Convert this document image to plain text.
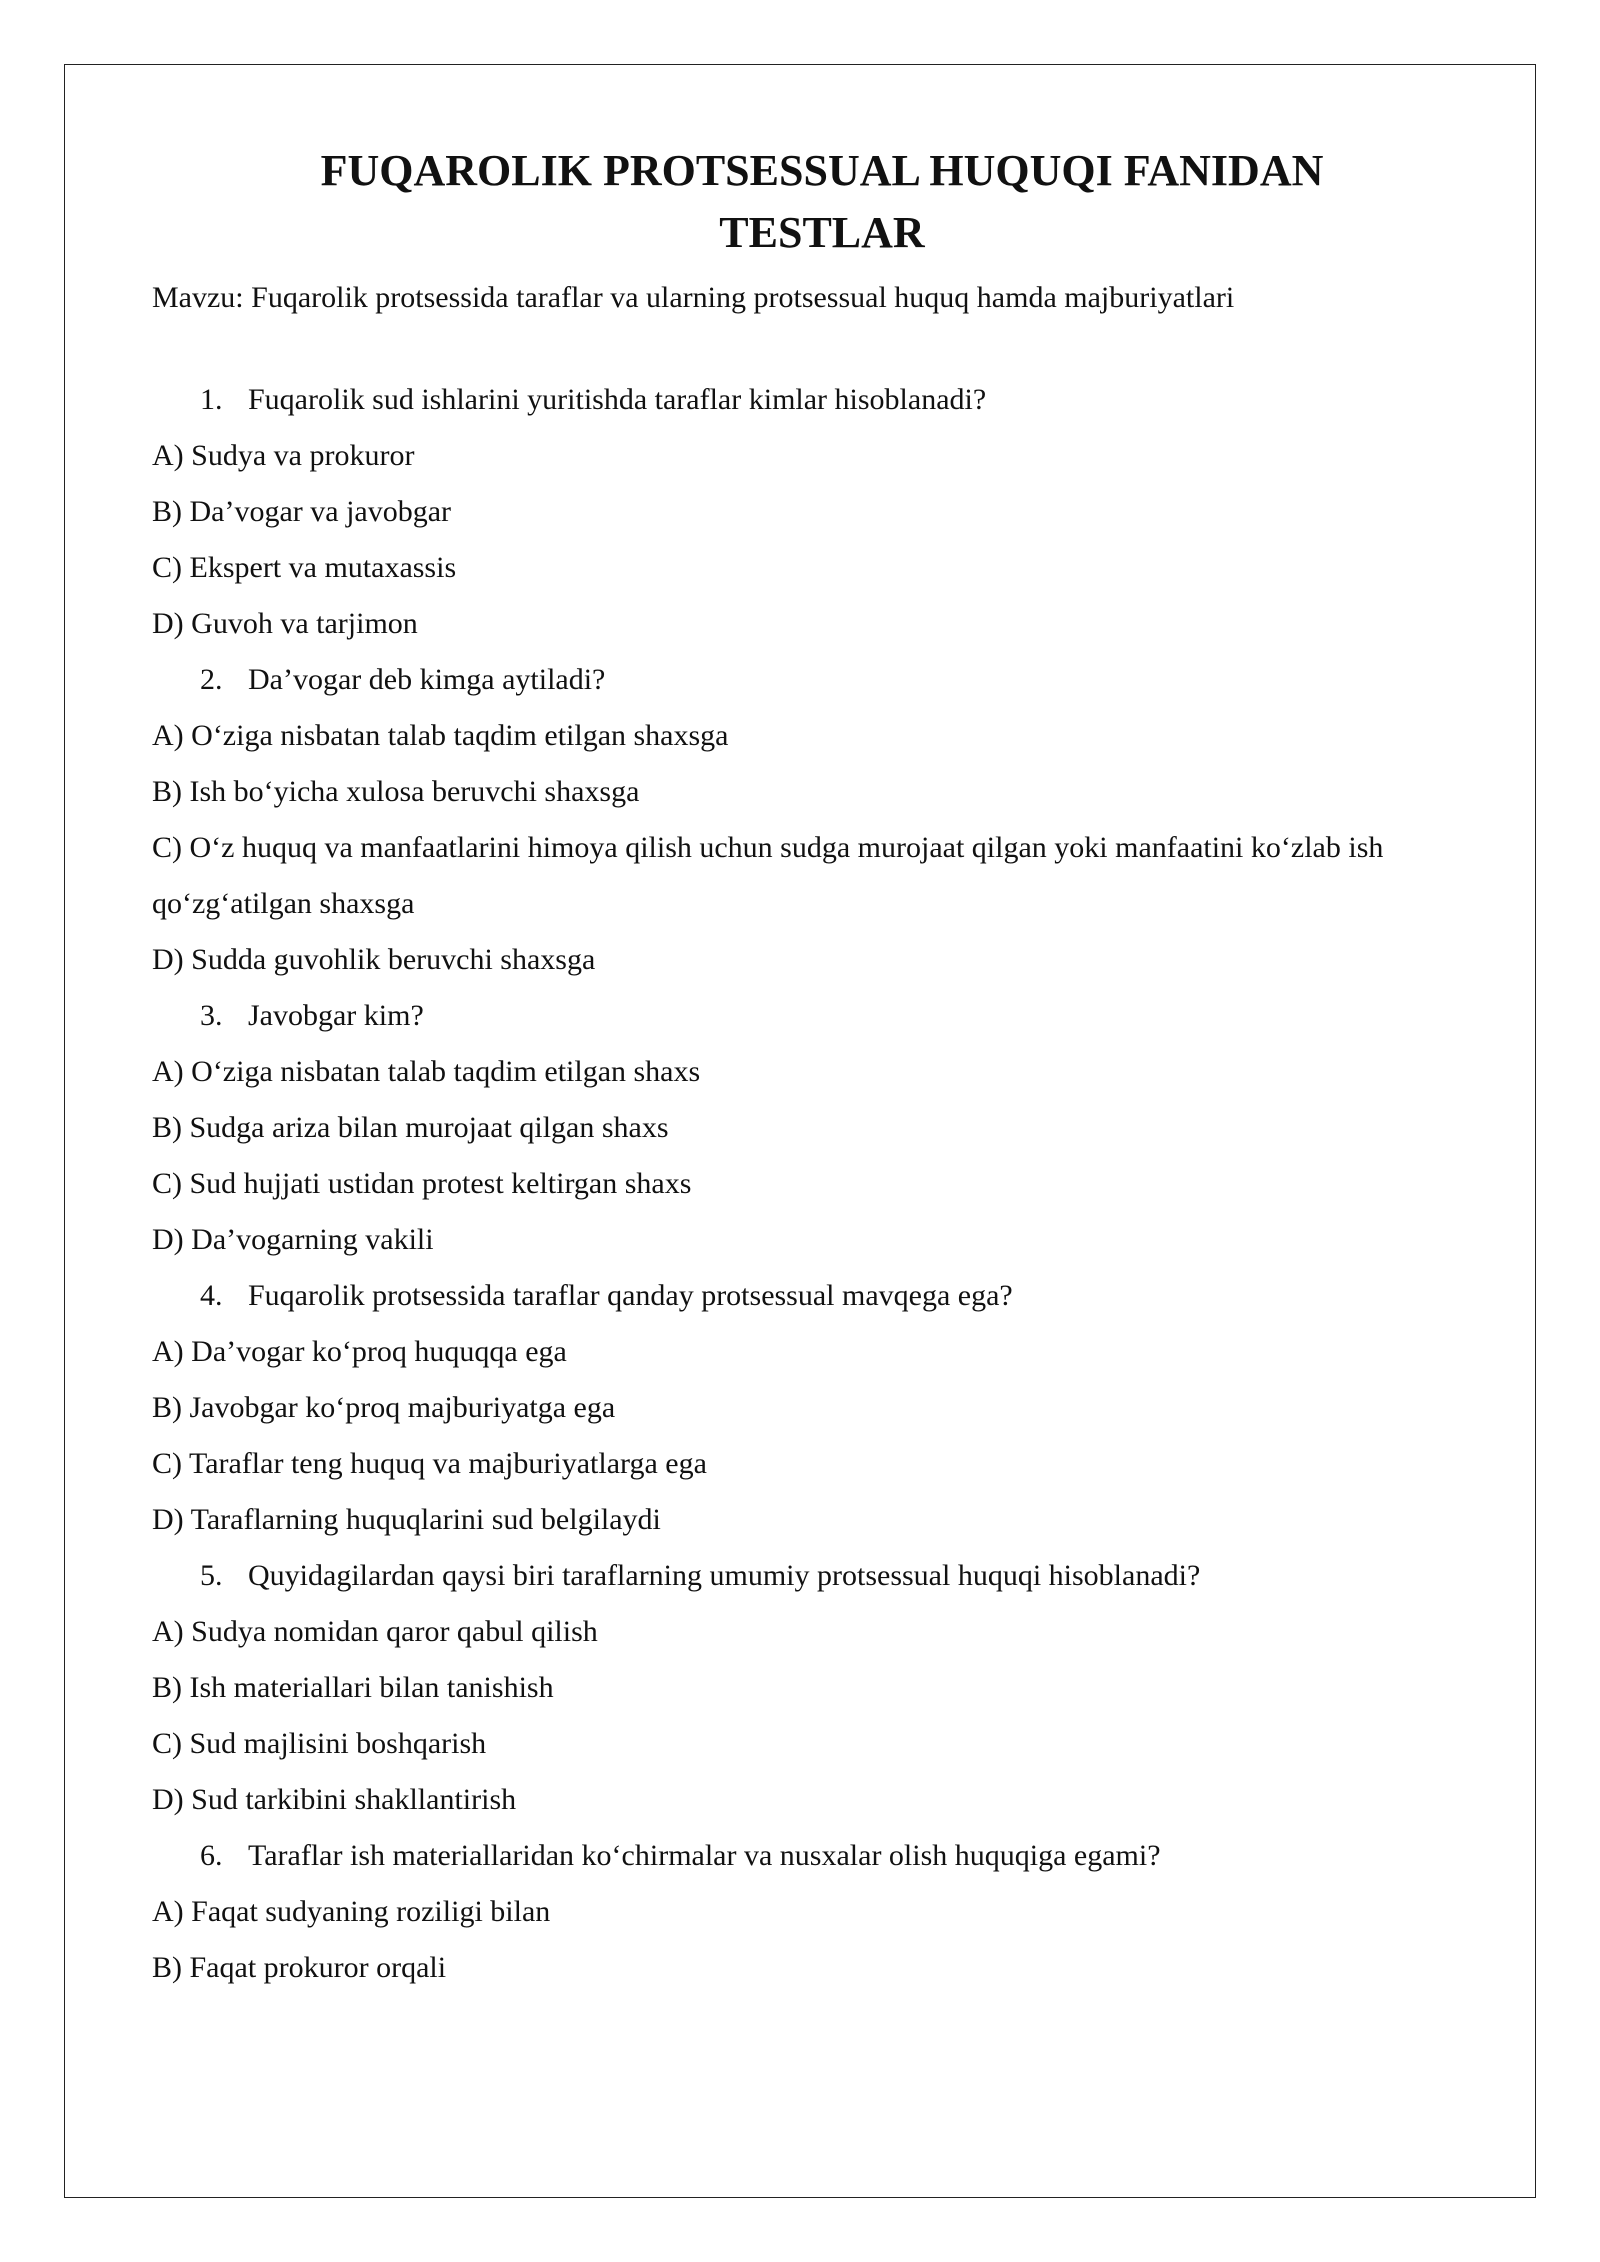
FUQAROLIK PROTSESSUAL HUQUQI FANIDAN
TESTLAR
Mavzu: Fuqarolik protsessida taraflar va ularning protsessual huquq hamda majburiyatlari
1. Fuqarolik sud ishlarini yuritishda taraflar kimlar hisoblanadi?
A) Sudya va prokuror
B) Da’vogar va javobgar
C) Ekspert va mutaxassis
D) Guvoh va tarjimon
2. Da’vogar deb kimga aytiladi?
A) O‘ziga nisbatan talab taqdim etilgan shaxsga
B) Ish bo‘yicha xulosa beruvchi shaxsga
C) O‘z huquq va manfaatlarini himoya qilish uchun sudga murojaat qilgan yoki manfaatini ko‘zlab ish qo‘zg‘atilgan shaxsga
D) Sudda guvohlik beruvchi shaxsga
3. Javobgar kim?
A) O‘ziga nisbatan talab taqdim etilgan shaxs
B) Sudga ariza bilan murojaat qilgan shaxs
C) Sud hujjati ustidan protest keltirgan shaxs
D) Da’vogarning vakili
4. Fuqarolik protsessida taraflar qanday protsessual mavqega ega?
A) Da’vogar ko‘proq huquqqa ega
B) Javobgar ko‘proq majburiyatga ega
C) Taraflar teng huquq va majburiyatlarga ega
D) Taraflarning huquqlarini sud belgilaydi
5. Quyidagilardan qaysi biri taraflarning umumiy protsessual huquqi hisoblanadi?
A) Sudya nomidan qaror qabul qilish
B) Ish materiallari bilan tanishish
C) Sud majlisini boshqarish
D) Sud tarkibini shakllantirish
6. Taraflar ish materiallaridan ko‘chirmalar va nusxalar olish huquqiga egami?
A) Faqat sudyaning roziligi bilan
B) Faqat prokuror orqali
